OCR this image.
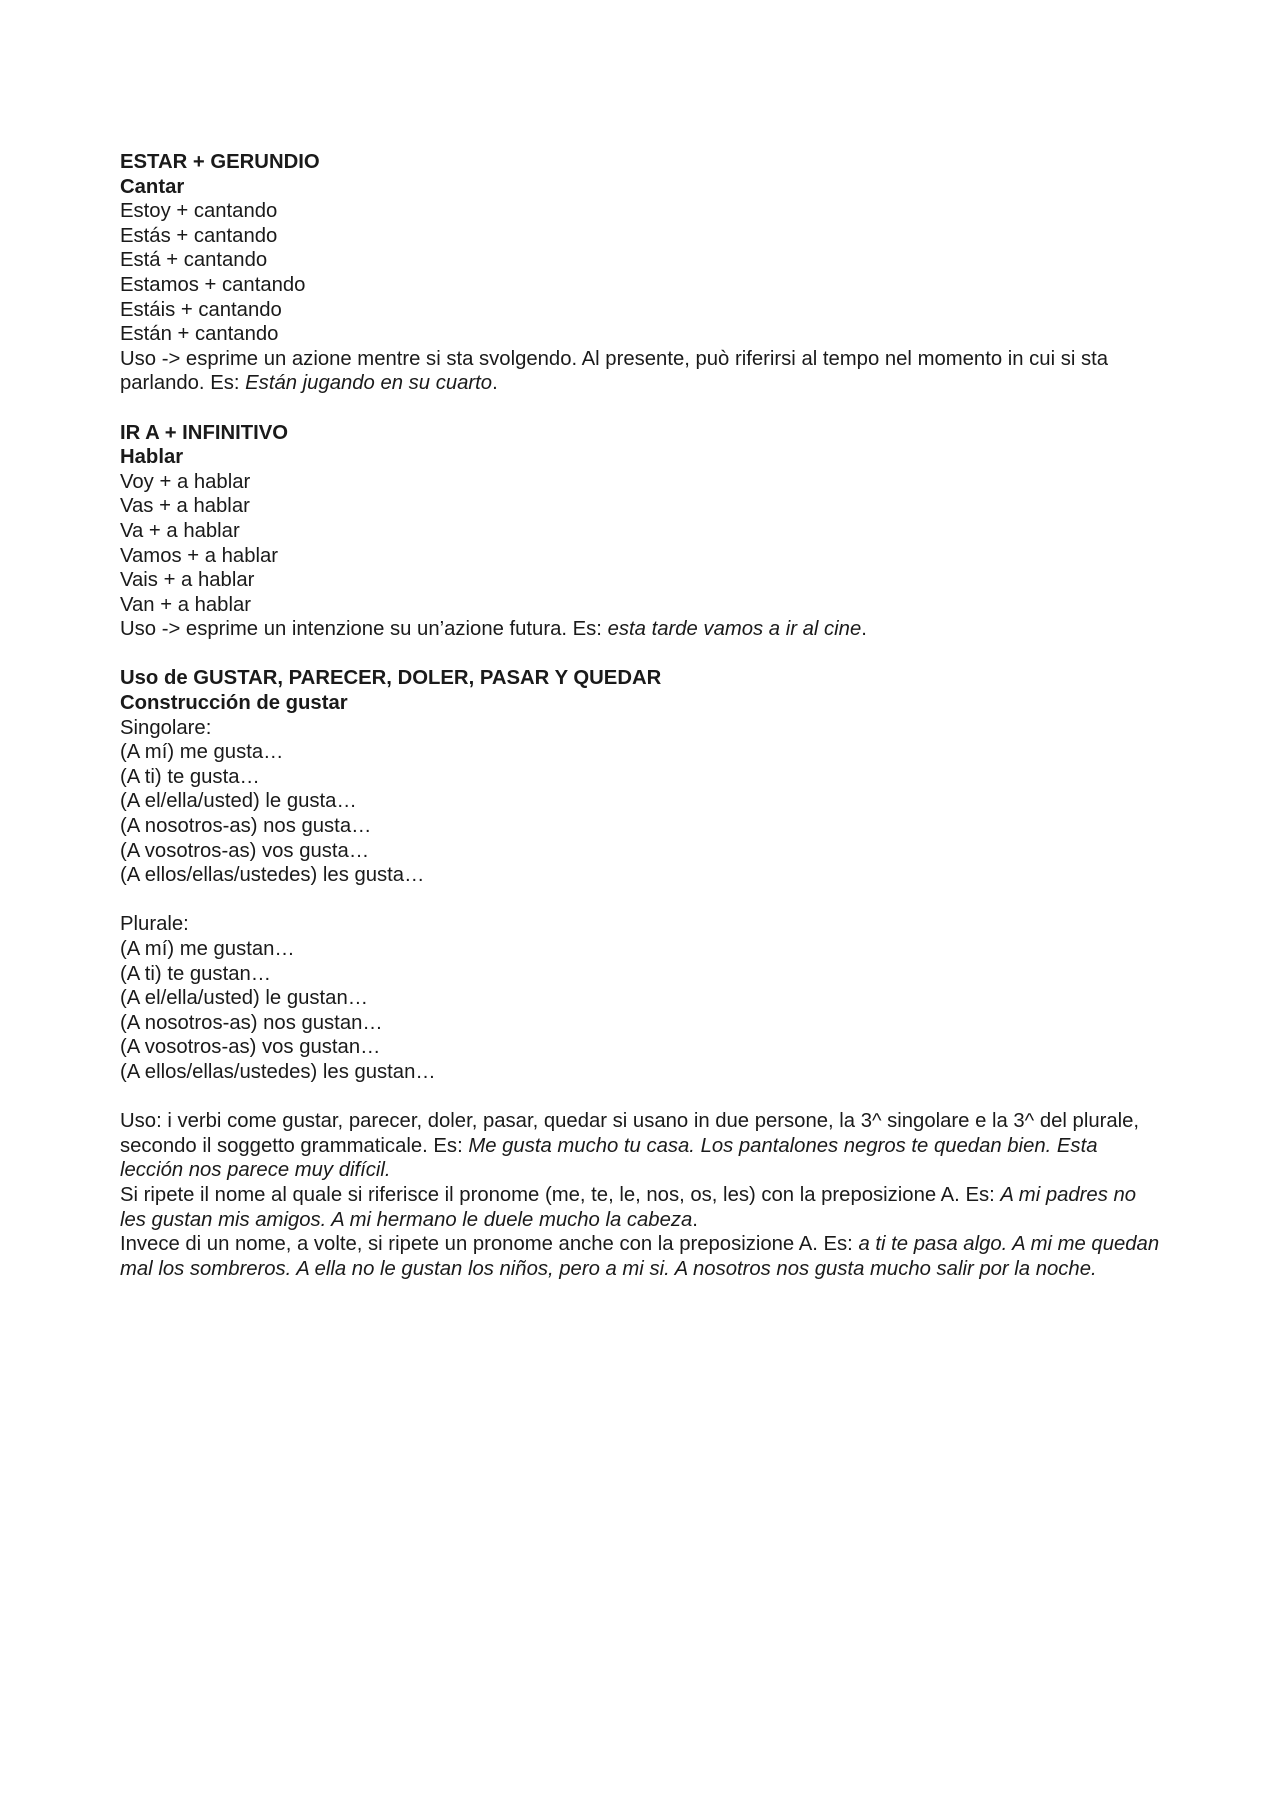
ESTAR + GERUNDIO
Cantar
Estoy + cantando
Estás + cantando
Está + cantando
Estamos + cantando
Estáis + cantando
Están + cantando
Uso -> esprime un azione mentre si sta svolgendo. Al presente, può riferirsi al tempo nel momento in cui si sta parlando. Es: Están jugando en su cuarto.
IR A + INFINITIVO
Hablar
Voy + a hablar
Vas + a hablar
Va + a hablar
Vamos + a hablar
Vais + a hablar
Van + a hablar
Uso -> esprime un intenzione su un’azione futura. Es: esta tarde vamos a ir al cine.
Uso de GUSTAR, PARECER, DOLER, PASAR Y QUEDAR
Construcción de gustar
Singolare:
(A mí) me gusta…
(A ti) te gusta…
(A el/ella/usted) le gusta…
(A nosotros-as) nos gusta…
(A vosotros-as) vos gusta…
(A ellos/ellas/ustedes) les gusta…
Plurale:
(A mí) me gustan…
(A ti) te gustan…
(A el/ella/usted) le gustan…
(A nosotros-as) nos gustan…
(A vosotros-as) vos gustan…
(A ellos/ellas/ustedes) les gustan…
Uso: i verbi come gustar, parecer, doler, pasar, quedar si usano in due persone, la 3^ singolare e la 3^ del plurale, secondo il soggetto grammaticale. Es: Me gusta mucho tu casa. Los pantalones negros te quedan bien. Esta lección nos parece muy difícil.
Si ripete il nome al quale si riferisce il pronome (me, te, le, nos, os, les) con la preposizione A. Es: A mi padres no les gustan mis amigos. A mi hermano le duele mucho la cabeza.
Invece di un nome, a volte, si ripete un pronome anche con la preposizione A. Es: a ti te pasa algo. A mi me quedan mal los sombreros. A ella no le gustan los niños, pero a mi si. A nosotros nos gusta mucho salir por la noche.
